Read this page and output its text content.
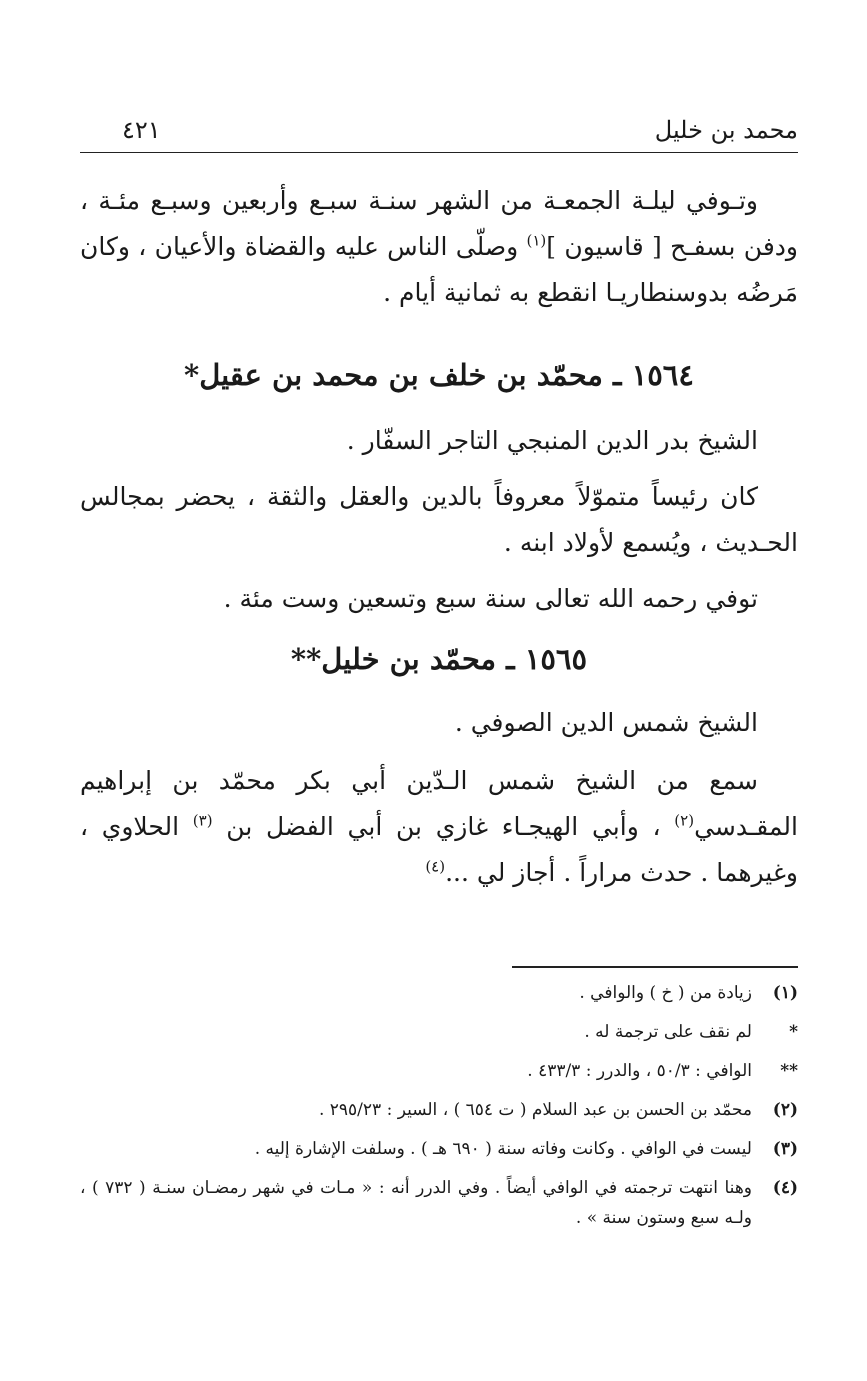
محمد بن خليل
٤٢١

وتـوفي ليلـة الجمعـة من الشهر سنـة سبـع وأربعين وسبـع مئـة ، ودفن بسفـح [ قاسيون ]$^{(١)}$ وصلّى الناس عليه والقضاة والأعيان ، وكان مَرضُه بدوسنطاريـا انقطع به ثمانية أيام .

١٥٦٤ ـ محمّد بن خلف بن محمد بن عقيل*

الشيخ بدر الدين المنبجي التاجر السفّار .

كان رئيساً متموّلاً معروفاً بالدين والعقل والثقة ، يحضر بمجالس الحـديث ، ويُسمع لأولاد ابنه .

توفي رحمه الله تعالى سنة سبع وتسعين وست مئة .

١٥٦٥ ـ محمّد بن خليل**

الشيخ شمس الدين الصوفي .

سمع من الشيخ شمس الـدّين أبي بكر محمّد بن إبراهيم المقـدسي$^{(٢)}$ ، وأبي الهيجـاء غازي بن أبي الفضل بن $^{(٣)}$ الحلاوي ، وغيرهما . حدث مراراً . أجاز لي ...$^{(٤)}$

(١)
زيادة من ( خ ) والوافي .
*
لم نقف على ترجمة له .
**
الوافي : ٥٠/٣ ، والدرر : ٤٣٣/٣ .
(٢)
محمّد بن الحسن بن عبد السلام ( ت ٦٥٤ ) ، السير : ٢٩٥/٢٣ .
(٣)
ليست في الوافي . وكانت وفاته سنة ( ٦٩٠ هـ ) . وسلفت الإشارة إليه .
(٤)
وهنا انتهت ترجمته في الوافي أيضاً . وفي الدرر أنه : « مـات في شهر رمضـان سنـة ( ٧٣٢ ) ، ولـه سبع وستون سنة » .
